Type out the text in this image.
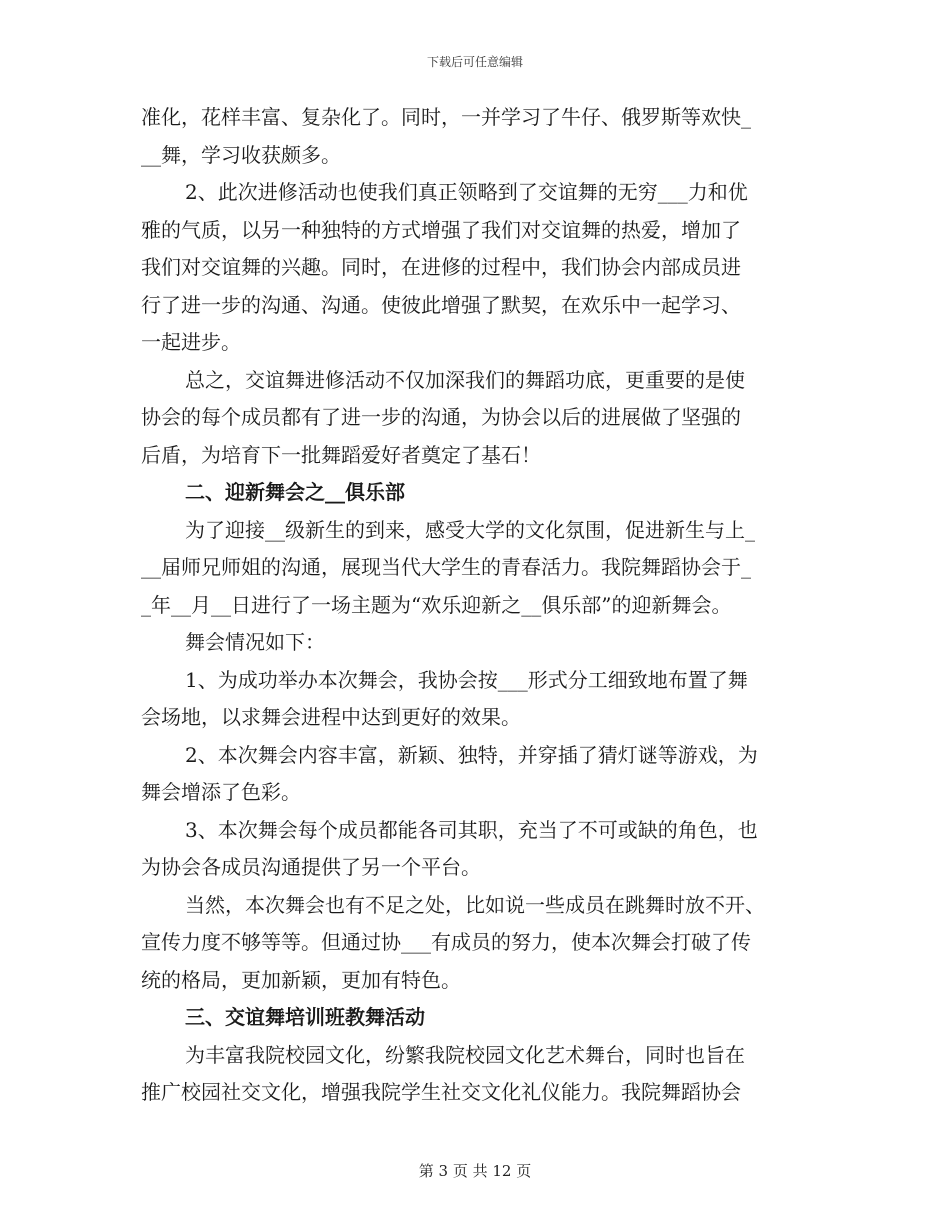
下载后可任意编辑
准化，花样丰富、复杂化了。同时，一并学习了牛仔、俄罗斯等欢快_
__舞，学习收获颇多。
2、此次进修活动也使我们真正领略到了交谊舞的无穷___力和优
雅的气质，以另一种独特的方式增强了我们对交谊舞的热爱，增加了
我们对交谊舞的兴趣。同时，在进修的过程中，我们协会内部成员进
行了进一步的沟通、沟通。使彼此增强了默契，在欢乐中一起学习、
一起进步。
总之，交谊舞进修活动不仅加深我们的舞蹈功底，更重要的是使
协会的每个成员都有了进一步的沟通，为协会以后的进展做了坚强的
后盾，为培育下一批舞蹈爱好者奠定了基石！
二、迎新舞会之__俱乐部
为了迎接__级新生的到来，感受大学的文化氛围，促进新生与上_
__届师兄师姐的沟通，展现当代大学生的青春活力。我院舞蹈协会于_
_年__月__日进行了一场主题为“欢乐迎新之__俱乐部”的迎新舞会。
舞会情况如下：
1、为成功举办本次舞会，我协会按___形式分工细致地布置了舞
会场地，以求舞会进程中达到更好的效果。
2、本次舞会内容丰富，新颖、独特，并穿插了猜灯谜等游戏，为
舞会增添了色彩。
3、本次舞会每个成员都能各司其职，充当了不可或缺的角色，也
为协会各成员沟通提供了另一个平台。
当然，本次舞会也有不足之处，比如说一些成员在跳舞时放不开、
宣传力度不够等等。但通过协___有成员的努力，使本次舞会打破了传
统的格局，更加新颖，更加有特色。
三、交谊舞培训班教舞活动
为丰富我院校园文化，纷繁我院校园文化艺术舞台，同时也旨在
推广校园社交文化，增强我院学生社交文化礼仪能力。我院舞蹈协会
第 3 页 共 12 页
